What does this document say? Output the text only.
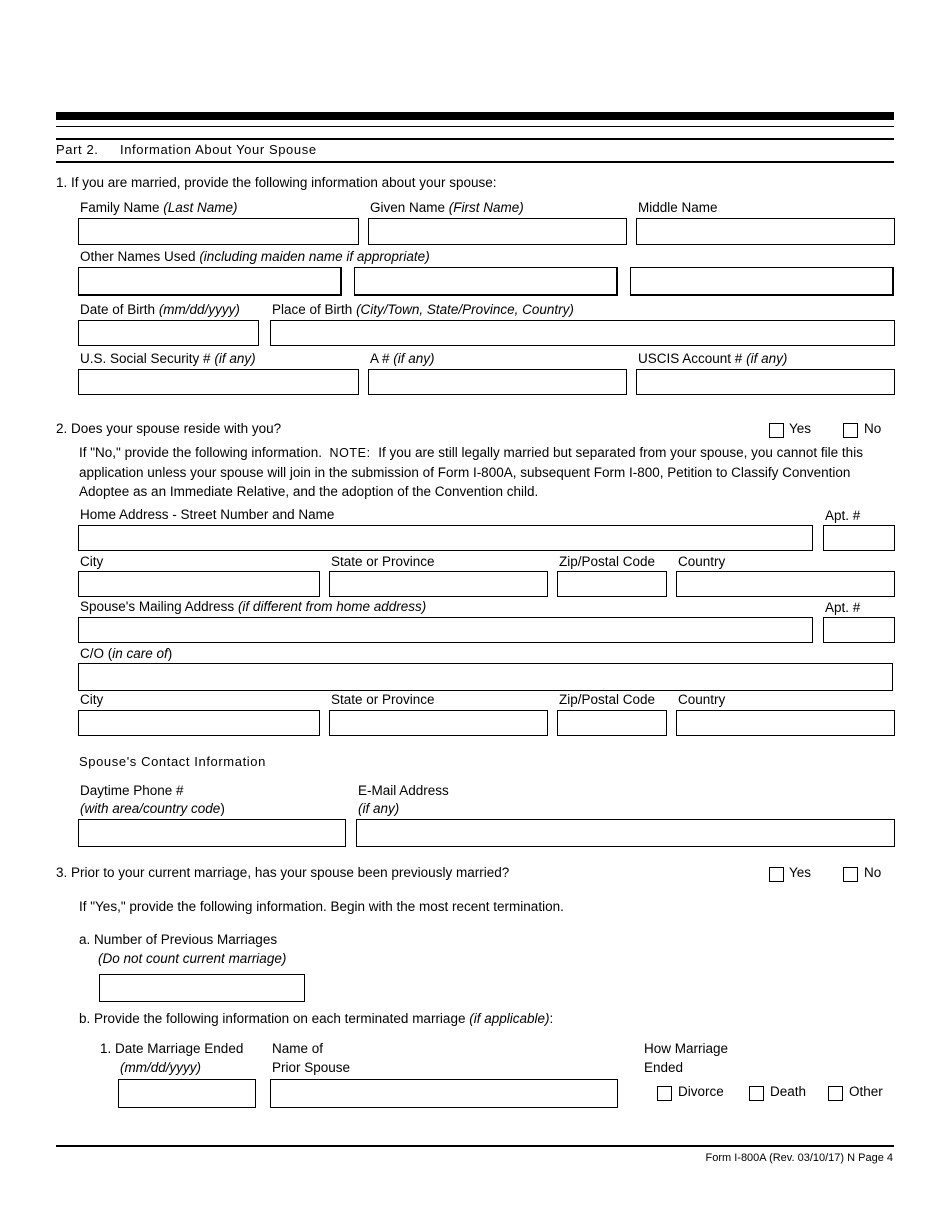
Part 2. Information About Your Spouse
1. If you are married, provide the following information about your spouse:
Family Name (Last Name)	Given Name (First Name)	Middle Name
Other Names Used (including maiden name if appropriate)
Date of Birth (mm/dd/yyyy) Place of Birth (City/Town, State/Province, Country)
U.S. Social Security # (if any)	A # (if any)	USCIS Account # (if any)
2. Does your spouse reside with you?	Yes	No
If "No," provide the following information. NOTE: If you are still legally married but separated from your spouse, you cannot file this application unless your spouse will join in the submission of Form I-800A, subsequent Form I-800, Petition to Classify Convention Adoptee as an Immediate Relative, and the adoption of the Convention child.
Home Address - Street Number and Name	Apt. #
City	State or Province	Zip/Postal Code Country
Spouse's Mailing Address (if different from home address)	Apt. #
C/O (in care of)
City	State or Province	Zip/Postal Code Country
Spouse's Contact Information
Daytime Phone #
(with area/country code)
E-Mail Address
(if any)
3. Prior to your current marriage, has your spouse been previously married?	Yes	No
If "Yes," provide the following information. Begin with the most recent termination.
a. Number of Previous Marriages
(Do not count current marriage)
b. Provide the following information on each terminated marriage (if applicable):
1. Date Marriage Ended
(mm/dd/yyyy)
Name of
Prior Spouse
How Marriage
Ended
Divorce	Death	Other
Form I-800A (Rev. 03/10/17) N Page 4
